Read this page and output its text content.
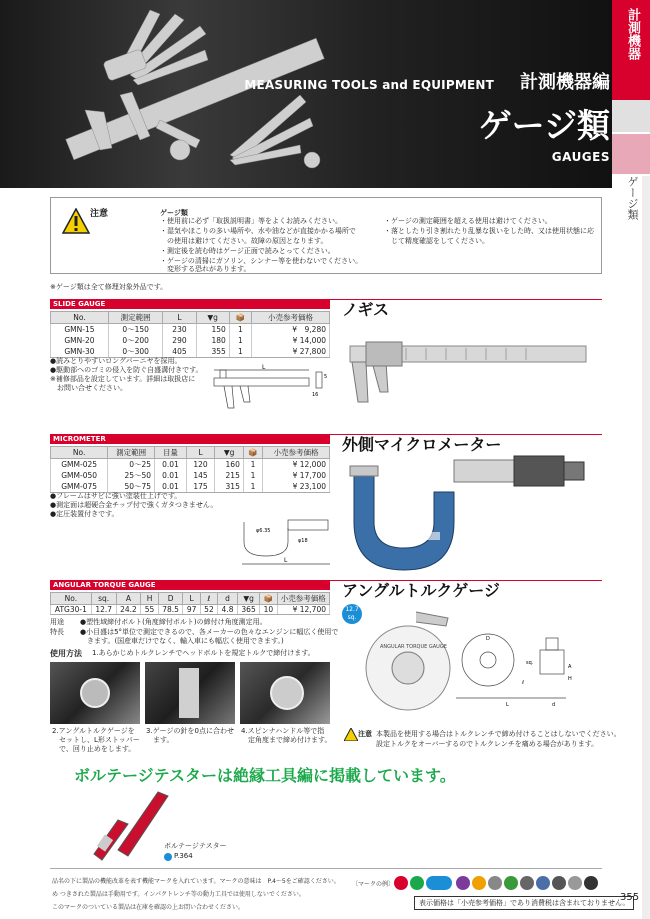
MEASURING TOOLS and EQUIPMENT 計測機器編
ゲージ類
GAUGES
計測機器
ゲージ類
注意	ゲージ類
・使用前に必ず「取扱説明書」等をよくお読みください。
・湿気やほこりの多い場所や、水や油などが直接かかる場所で
　の使用は避けてください。故障の原因となります。
・測定後を読む時はゲージ正面で読みとってください。
・ゲージの清掃にガソリン、シンナー等を使わないでください。
　変形する恐れがあります。
・ゲージの測定範囲を超える使用は避けてください。
・落としたり引き割れたり乱暴な扱いをした時、又は使用状態に応
　じて精度確認をしてください。
※ゲージ類は全て修理対象外品です。
SLIDE GAUGE	ノギス
No.	測定範囲	L	▼g	📦	小売参考価格
GMN-15	0～150	230	150	1	¥　9,280
GMN-20	0～200	290	180	1	¥ 14,000
GMN-30	0～300	405	355	1	¥ 27,800
●読みとりやすいロングバーニヤを採用。
●駆動部へのゴミの侵入を防ぐ自盛溝付きです。
※補修部品を設定しています。詳細は取扱店に
　お問い合せください。
L
5
16
MICROMETER	外側マイクロメーター
No.	測定範囲	目量	L	▼g	📦	小売参考価格
GMM-025	0～25	0.01	120	160	1	¥ 12,000
GMM-050	25～50	0.01	145	215	1	¥ 17,700
GMM-075	50～75	0.01	175	315	1	¥ 23,100
●フレームはサビに強い塗装仕上げです。
●測定面は超硬合金チップ付で強くガタつきません。
●定圧装置付きです。
φ6.35
φ18
L
ANGULAR TORQUE GAUGE	アングルトルクゲージ
No.	sq.	A	H	D	L	ℓ	d	▼g	📦	小売参考価格
ATG30-1	12.7	24.2	55	78.5	97	52	4.8	365	10	¥ 12,700
用途 ●塑性域締付ボルト(角度締付ボルト)の締付け角度測定用。
特長 ●小目盛は5°単位で測定できるので、各メーカーの色々なエンジンに幅広く使用で
　きます。(国産車だけでなく、輸入車にも幅広く使用できます。)
使用方法 1.あらかじめトルクレンチでヘッドボルトを規定トルクで締付けます。
2.アングルトルクゲージを
　セットし、L形ストッパー
　で、回り止めをします。
3.ゲージの針を0点に合わせ
　ます。
4.スピンナハンドル等で指
　定角度まで締め付けます。
12.7
sq.
ANGULAR TORQUE GAUGE
A
H
sq.
ℓ
D
L	d
注意 本製品を使用する場合はトルクレンチで締め付けることはしないでください。
設定トルクをオーバーするのでトルクレンチを痛める場合があります。
ボルテージテスターは絶縁工具編に掲載しています。
ボルテージテスター
P.364
品名の下に製品の機能改革を表す機能マークを入れています。マークの意味は　P.4～5をご確認ください。
め つきされた製品は手動用です。インパクトレンチ等の動力工具では使用しないでください。
このマークのついている製品は在庫を確認の上お問い合わせください。
〔マークの例〕
表示価格は「小売参考価格」であり消費税は含まれておりません。
355
